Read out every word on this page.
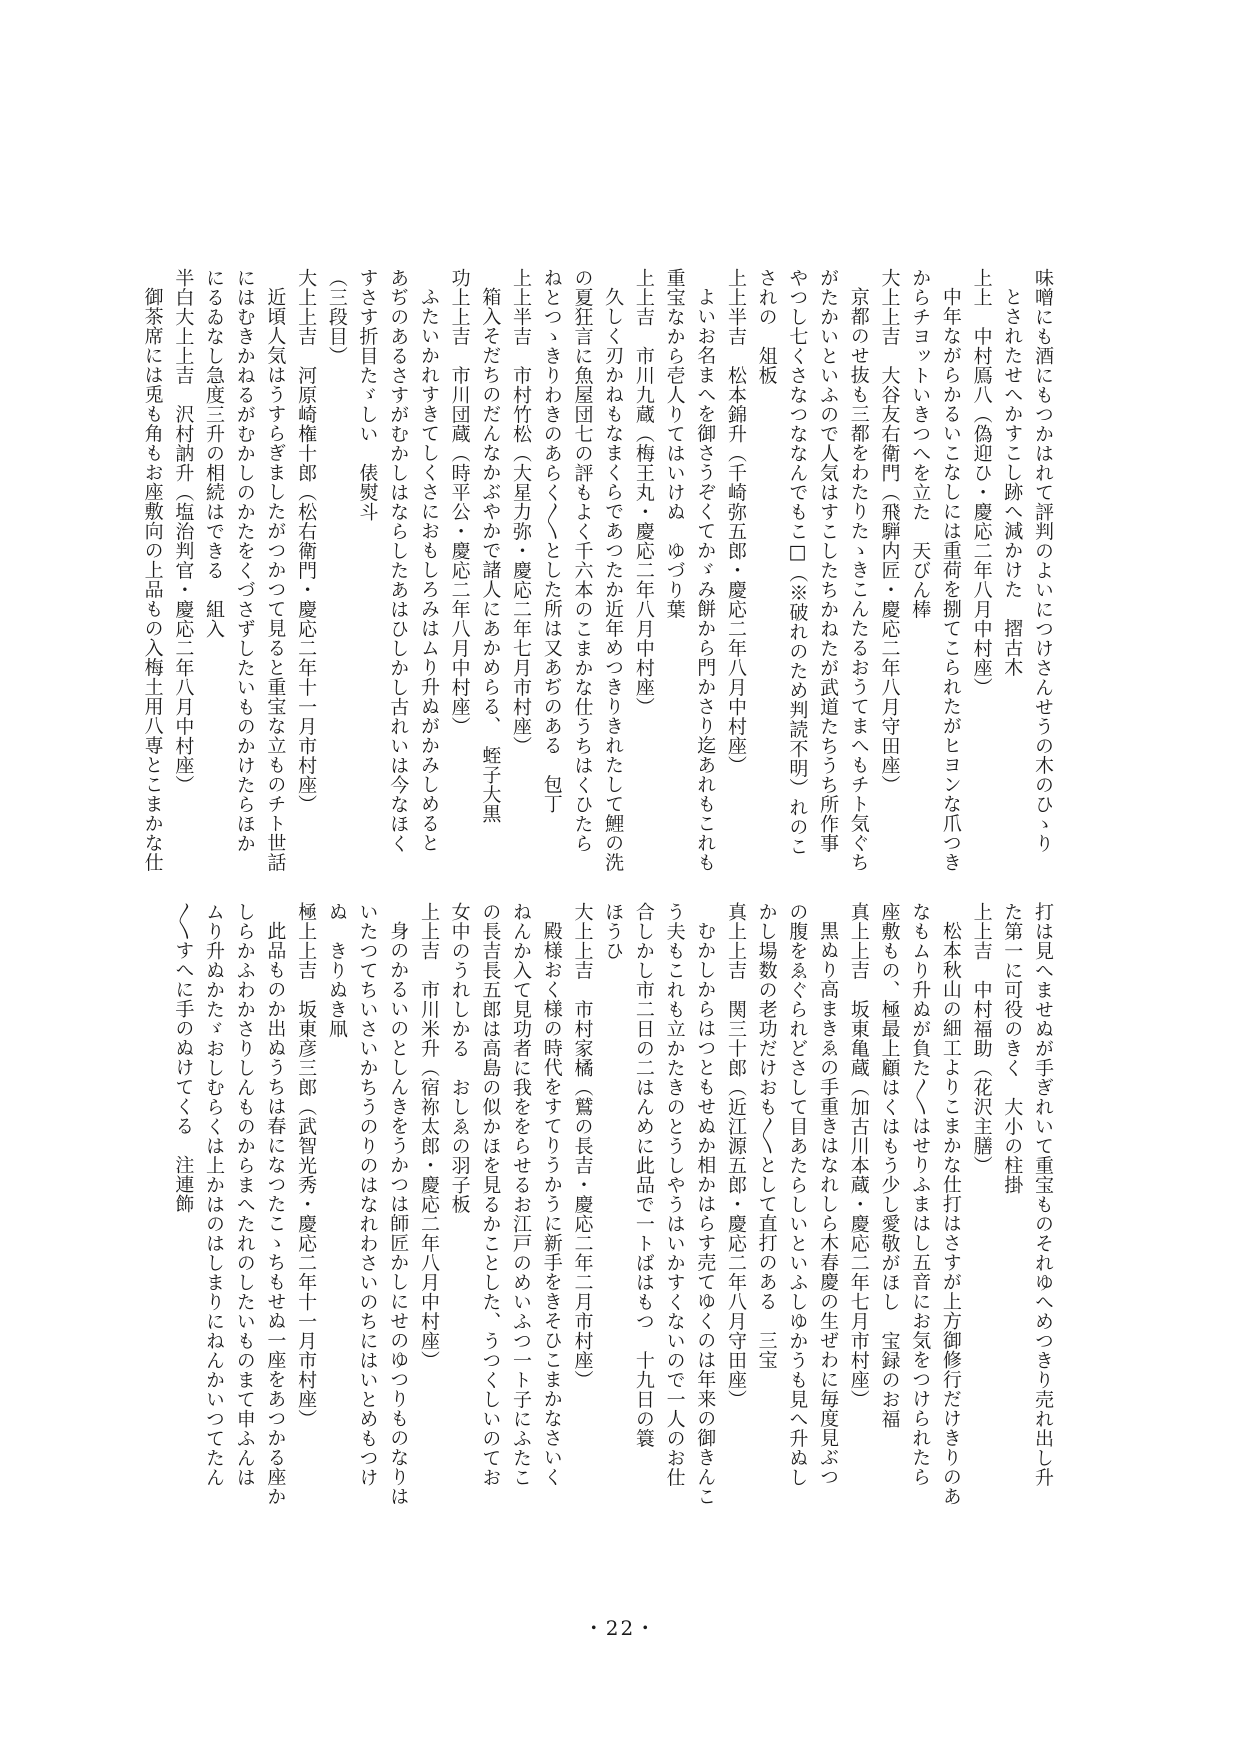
味噌にも酒にもつかはれて評判のよいにつけさんせうの木のひゝり
とされたせへかすこし跡へ減かけた　摺古木
上上　中村鳫八（偽迎ひ・慶応二年八月中村座）
中年ながらかるいこなしには重荷を捌てこられたがヒヨンな爪つき
からチヨットいきつへを立た　天びん棒
大上上吉　大谷友右衛門（飛騨内匠・慶応二年八月守田座）
京都のせ抜も三都をわたりたゝきこんたるおうてまへもチト気ぐち
がたかいといふので人気はすこしたちかねたが武道たちうち所作事
やつし七くさなつななんでもこ□（※破れのため判読不明）れのこ
されの　俎板
上上半吉　松本錦升（千崎弥五郎・慶応二年八月中村座）
よいお名まへを御さうぞくてかゞみ餅から門かさり迄あれもこれも
重宝なから壱人りてはいけぬ　ゆづり葉
上上吉　市川九蔵（梅王丸・慶応二年八月中村座）
久しく刃かねもなまくらであつたか近年めつきりきれたして鯉の洗
の夏狂言に魚屋団七の評もよく千六本のこまかな仕うちはくひたら
ねとつゝきりわきのあらく〳〵とした所は又あぢのある　包丁
上上半吉　市村竹松（大星力弥・慶応二年七月市村座）
箱入そだちのだんなかぶやかで諸人にあかめらる、　蛭子大黒
功上上吉　市川団蔵（時平公・慶応二年八月中村座）
ふたいかれすきてしくさにおもしろみはムり升ぬがかみしめると
あぢのあるさすがむかしはならしたあはひしかし古れいは今なほく
すさす折目たゞしい　俵熨斗
（三段目）
大上上吉　河原崎権十郎（松右衛門・慶応二年十一月市村座）
近頃人気はうすらぎましたがつかつて見ると重宝な立ものチト世話
にはむきかねるがむかしのかたをくづさずしたいものかけたらほか
にるゐなし急度三升の相続はできる　組入
半白大上上吉　沢村訥升（塩治判官・慶応二年八月中村座）
御茶席には兎も角もお座敷向の上品もの入梅土用八専とこまかな仕
打は見へませぬが手ぎれいて重宝ものそれゆへめつきり売れ出し升
た第一に可役のきく　大小の柱掛
上上吉　中村福助（花沢主膳）
松本秋山の細工よりこまかな仕打はさすが上方御修行だけきりのあ
なもムり升ぬが負た〳〵はせりふまはし五音にお気をつけられたら
座敷もの、極最上顧はくはもう少し愛敬がほし　宝録のお福
真上上吉　坂東亀蔵（加古川本蔵・慶応二年七月市村座）
黒ぬり高まきゑの手重きはなれしら木春慶の生ぜわに毎度見ぶつ
の腹をゑぐられどさして目あたらしいといふしゆかうも見へ升ぬし
かし場数の老功だけおも〳〵として直打のある　三宝
真上上吉　関三十郎（近江源五郎・慶応二年八月守田座）
むかしからはつともせぬか相かはらす売てゆくのは年来の御きんこ
う夫もこれも立かたきのとうしやうはいかすくないので一人のお仕
合しかし市二日の二はんめに此品で一トばはもつ　十九日の簑
ほうひ
大上上吉　市村家橘（鷲の長吉・慶応二年二月市村座）
殿様おく様の時代をすてりうかうに新手をきそひこまかなさいく
ねんか入て見功者に我ををらせるお江戸のめいふつ一ト子にふたこ
の長吉長五郎は高島の似かほを見るかことした、うつくしいのてお
女中のうれしかる　おしゑの羽子板
上上吉　市川米升（宿祢太郎・慶応二年八月中村座）
身のかるいのとしんきをうかつは師匠かしにせのゆつりものなりは
いたつてちいさいかちうのりのはなれわさいのちにはいとめもつけ
ぬ　きりぬき凧
極上上吉　坂東彦三郎（武智光秀・慶応二年十一月市村座）
此品ものか出ぬうちは春になつたこゝちもせぬ一座をあつかる座か
しらかふわかさりしんものからまへたれのしたいものまて申ふんは
ムり升ぬかたゞおしむらくは上かはのはしまりにねんかいつてたん
〳〵すへに手のぬけてくる　注連飾
・22・
